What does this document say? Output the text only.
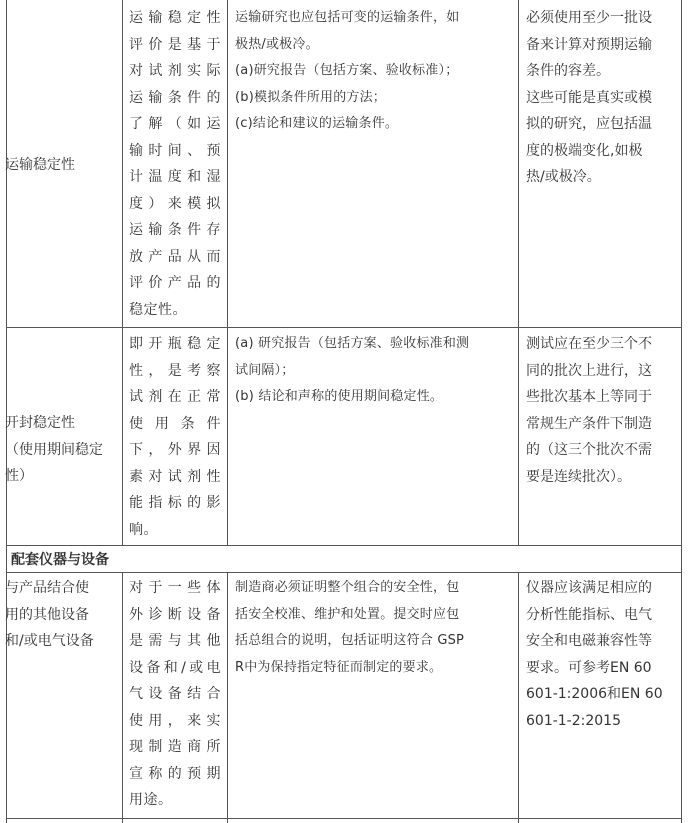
运输稳定性
运输稳定性
评价是基于
对试剂实际
运输条件的
了解（如运
输时间、预
计温度和湿
度）来模拟
运输条件存
放产品从而
评价产品的
稳定性。
运输研究也应包括可变的运输条件，如
极热/或极冷。
(a)研究报告（包括方案、验收标准）；
(b)模拟条件所用的方法；
(c)结论和建议的运输条件。
必须使用至少一批设
备来计算对预期运输
条件的容差。
这些可能是真实或模
拟的研究，应包括温
度的极端变化,如极
热/或极冷。
开封稳定性
（使用期间稳定
性）
即开瓶稳定
性，是考察
试剂在正常
使用条件
下，外界因
素对试剂性
能指标的影
响。
(a) 研究报告（包括方案、验收标准和测
试间隔）；
(b) 结论和声称的使用期间稳定性。
测试应在至少三个不
同的批次上进行，这
些批次基本上等同于
常规生产条件下制造
的（这三个批次不需
要是连续批次）。
配套仪器与设备
与产品结合使
用的其他设备
和/或电气设备
对于一些体
外诊断设备
是需与其他
设备和/或电
气设备结合
使用，来实
现制造商所
宣称的预期
用途。
制造商必须证明整个组合的安全性，包
括安全校准、维护和处置。提交时应包
括总组合的说明，包括证明这符合 GSP
R中为保持指定特征而制定的要求。
仪器应该满足相应的
分析性能指标、电气
安全和电磁兼容性等
要求。可参考EN 60
601-1:2006和EN 60
601-1-2:2015
